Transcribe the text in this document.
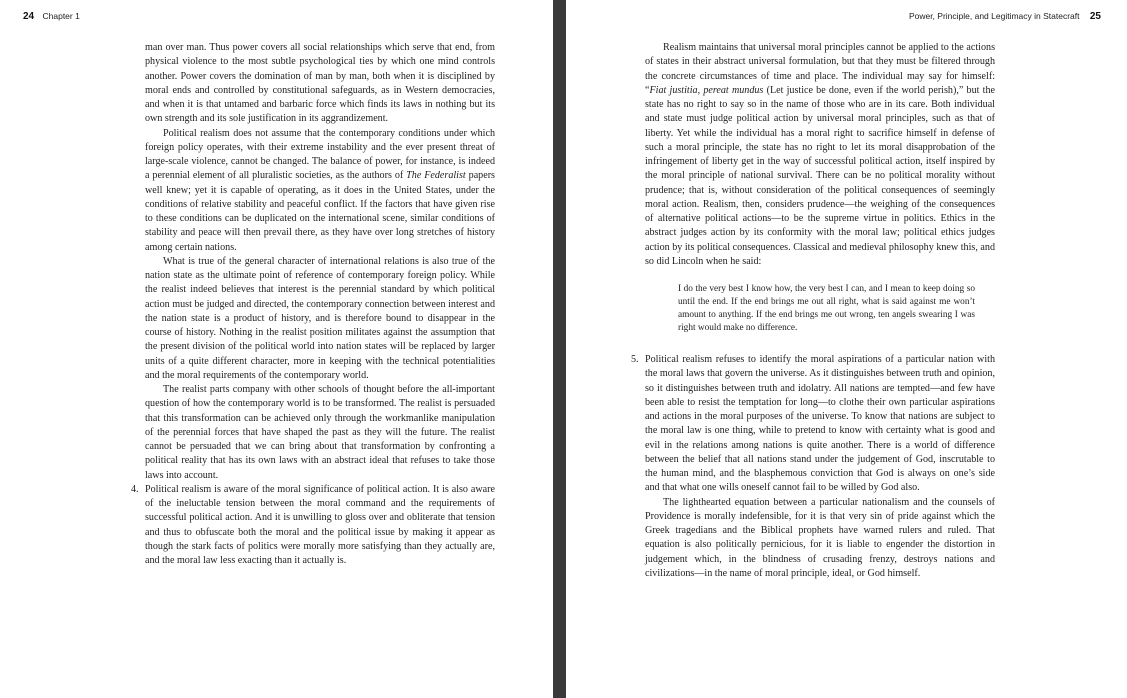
24 Chapter 1

man over man. Thus power covers all social relationships which serve that end, from physical violence to the most subtle psychological ties by which one mind controls another. Power covers the domination of man by man, both when it is disciplined by moral ends and controlled by constitutional safeguards, as in Western democracies, and when it is that untamed and barbaric force which finds its laws in nothing but its own strength and its sole justification in its aggrandizement.

Political realism does not assume that the contemporary conditions under which foreign policy operates, with their extreme instability and the ever present threat of large-scale violence, cannot be changed. The balance of power, for instance, is indeed a perennial element of all pluralistic societies, as the authors of The Federalist papers well knew; yet it is capable of operating, as it does in the United States, under the conditions of relative stability and peaceful conflict. If the factors that have given rise to these conditions can be duplicated on the international scene, similar conditions of stability and peace will then prevail there, as they have over long stretches of history among certain nations.

What is true of the general character of international relations is also true of the nation state as the ultimate point of reference of contemporary foreign policy. While the realist indeed believes that interest is the perennial standard by which political action must be judged and directed, the contemporary connection between interest and the nation state is a product of history, and is therefore bound to disappear in the course of history. Nothing in the realist position militates against the assumption that the present division of the political world into nation states will be replaced by larger units of a quite different character, more in keeping with the technical potentialities and the moral requirements of the contemporary world.

The realist parts company with other schools of thought before the all-important question of how the contemporary world is to be transformed. The realist is persuaded that this transformation can be achieved only through the workmanlike manipulation of the perennial forces that have shaped the past as they will the future. The realist cannot be persuaded that we can bring about that transformation by confronting a political reality that has its own laws with an abstract ideal that refuses to take those laws into account.

4. Political realism is aware of the moral significance of political action. It is also aware of the ineluctable tension between the moral command and the requirements of successful political action. And it is unwilling to gloss over and obliterate that tension and thus to obfuscate both the moral and the political issue by making it appear as though the stark facts of politics were morally more satisfying than they actually are, and the moral law less exacting than it actually is.

Power, Principle, and Legitimacy in Statecraft 25

Realism maintains that universal moral principles cannot be applied to the actions of states in their abstract universal formulation, but that they must be filtered through the concrete circumstances of time and place. The individual may say for himself: “Fiat justitia, pereat mundus (Let justice be done, even if the world perish),” but the state has no right to say so in the name of those who are in its care. Both individual and state must judge political action by universal moral principles, such as that of liberty. Yet while the individual has a moral right to sacrifice himself in defense of such a moral principle, the state has no right to let its moral disapprobation of the infringement of liberty get in the way of successful political action, itself inspired by the moral principle of national survival. There can be no political morality without prudence; that is, without consideration of the political consequences of seemingly moral action. Realism, then, considers prudence—the weighing of the consequences of alternative political actions—to be the supreme virtue in politics. Ethics in the abstract judges action by its conformity with the moral law; political ethics judges action by its political consequences. Classical and medieval philosophy knew this, and so did Lincoln when he said:

I do the very best I know how, the very best I can, and I mean to keep doing so until the end. If the end brings me out all right, what is said against me won’t amount to anything. If the end brings me out wrong, ten angels swearing I was right would make no difference.

5. Political realism refuses to identify the moral aspirations of a particular nation with the moral laws that govern the universe. As it distinguishes between truth and opinion, so it distinguishes between truth and idolatry. All nations are tempted—and few have been able to resist the temptation for long—to clothe their own particular aspirations and actions in the moral purposes of the universe. To know that nations are subject to the moral law is one thing, while to pretend to know with certainty what is good and evil in the relations among nations is quite another. There is a world of difference between the belief that all nations stand under the judgement of God, inscrutable to the human mind, and the blasphemous conviction that God is always on one’s side and that what one wills oneself cannot fail to be willed by God also.

The lighthearted equation between a particular nationalism and the counsels of Providence is morally indefensible, for it is that very sin of pride against which the Greek tragedians and the Biblical prophets have warned rulers and ruled. That equation is also politically pernicious, for it is liable to engender the distortion in judgement which, in the blindness of crusading frenzy, destroys nations and civilizations—in the name of moral principle, ideal, or God himself.
